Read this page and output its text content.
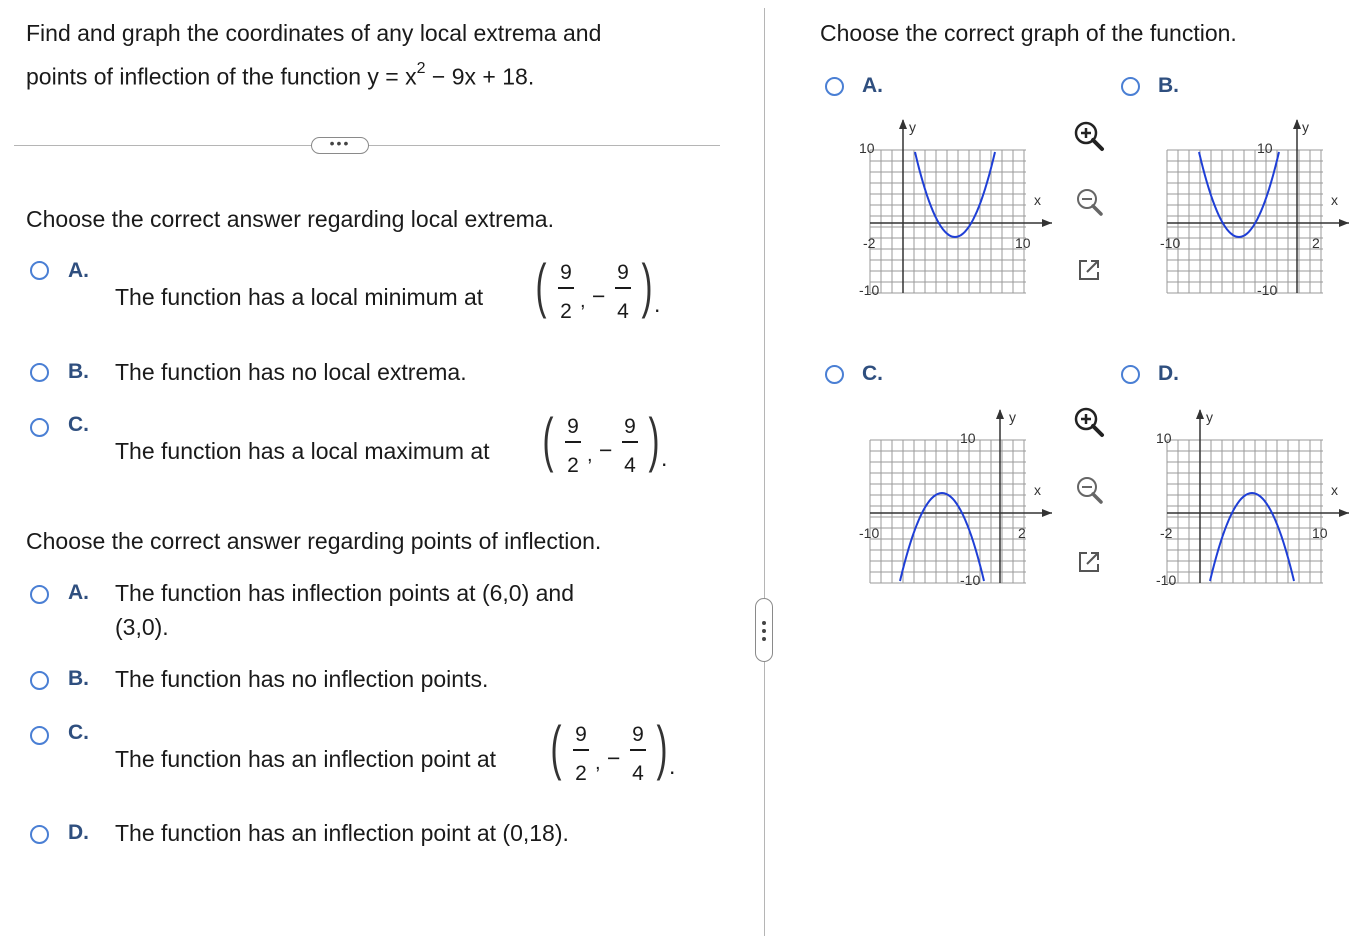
Find and graph the coordinates of any local extrema and
points of inflection of the function $y = x^2 - 9x + 18$.
•••
Choose the correct answer regarding local extrema.
A.
The function has a local minimum at ( 9
2 , −
9
4 ) .
B. The function has no local extrema.
C.
The function has a local maximum at ( 9
2 , −
9
4 ) .
Choose the correct answer regarding points of inflection.
A. The function has inflection points at (6,0) and
(3,0).
B. The function has no inflection points.
C.
The function has an inflection point at ( 9
2 , −
9
4 ) .
D. The function has an inflection point at (0,18).
Choose the correct graph of the function.
A.	B.
C.	D.
10
-10
-2	10
y
x
10
-10
-10	2
y
x
10
-10
-10	2
y
x
10
-10
-2	10
y
x
